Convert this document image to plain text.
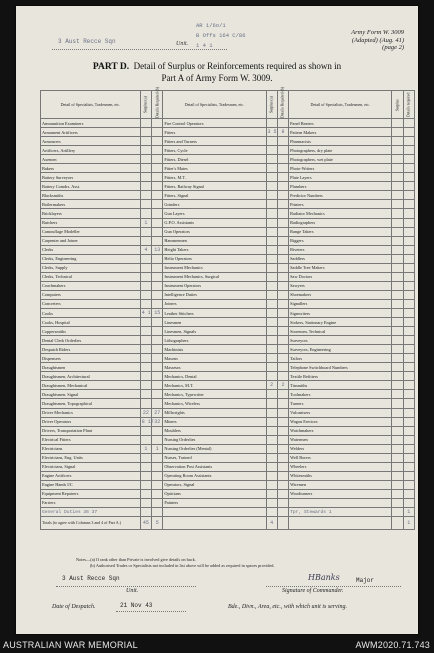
AR 1/6o/1
B Offs 164 C/86
1 4 1
3 Aust Recce Sqn	Unit.
Army Form W. 3009
(Adapted) (Aug. 41)
(page 2)
PART D. Detail of Surplus or Reinforcements required as shown in
Part A of Army Form W. 3009.
Detail of Specialists, Tradesmen, etc.	Surplus (a)	Details Required (b)	Detail of Specialists, Tradesmen, etc.	Surplus (a)	Details Required (b)	Detail of Specialists, Tradesmen, etc.	Surplus	Details required
Ammunition Examiners			Fire Control Operators			Panel Beaters		
Armament Artificers			Fitters	3 5	8	Pattern Makers		
Armourers			Fitters and Turners			Pharmacists		
Artificers, Artillery			Fitters, Cycle			Photographers, dry plate		
Axemen			Fitters, Diesel			Photographers, wet plate		
Bakers			Fitter's Mates			Photo-Writers		
Battery Surveyors			Fitters, M.T.			Plate Layers		
Battery Comdrs. Asst.			Fitters, Railway Signal			Plumbers		
Blacksmiths			Fitters, Signal			Predictor Numbers		
Boilermakers			Grinders			Printers		
Bricklayers			Gun Layers			Radiator Mechanics		
Butchers	1		G.P.O. Assistants			Radiographers		
Camouflage Modeller			Gun Operators			Range Takers		
Carpenter and Joiner			Hammermen			Riggers		
Clerks	4	13	Height Takers			Riveters		
Clerks, Engineering			Helio Operators			Saddlers		
Clerks, Supply			Instrument Mechanics			Saddle Tree Makers		
Clerks, Technical			Instrument Mechanics, Surgical			Saw Doctors		
Coachmakers			Instrument Operators			Sawyers		
Computers			Intelligence Duties			Shoemakers		
Concreters			Joiners			Signallers		
Cooks	4 1	15	Leather Stitchers			Signwriters		
Cooks, Hospital			Linesmen			Stokers, Stationary Engine		
Coppersmiths			Linesmen, Signals			Storemen, Technical		
Dental Clerk Orderlies			Lithographers			Surveyors		
Despatch Riders			Machinists			Surveyors, Engineering		
Dispensers			Masons			Tailors		
Draughtsmen			Masseurs			Telephone Switchboard Numbers		
Draughtsmen, Architectural			Mechanics, Dental			Textile Refitters		
Draughtsmen, Mechanical			Mechanics, M.T.	2	2	Tinsmiths		
Draughtsmen, Signal			Mechanics, Typewriter			Toolmakers		
Draughtsmen, Topographical			Mechanics, Wireless			Turners		
Driver Mechanics	22	27	Millwrights			Vulcanisers		
Driver Operators	8 17	32	Miners			Wagon Erectors		
Drivers, Transportation Plant			Moulders			Watchmakers		
Electrical Fitters			Nursing Orderlies			Watermen		
Electricians	1	1	Nursing Orderlies (Mental)			Welders		
Electricians, Eng. Units			Nurses, Trained			Well Borers		
Electricians, Signal			Observation Post Assistants			Wheelers		
Engine Artificers			Operating Room Assistants			Whitesmiths		
Engine Hands I/C			Operators, Signal			Wiremen		
Equipment Repairers			Opticians			Woodturners		
Farriers			Painters					
General Duties 36 37						Tpr, Stewards 1		1
Totals (to agree with Columns 3 and 4 of Part A.)	45	5		4				1
Notes—(a) If rank other than Private is involved give details on back.
(b) Authorised Trades or Specialists not included in list above will be added as required in spaces provided.
3 Aust Recce Sqn
Unit.
HBanks	Major
Signature of Commander.
Date of Despatch.	21 Nov 43	Bde., Divn., Area, etc., with which unit is serving.
AUSTRALIAN WAR MEMORIAL	AWM2020.71.743
